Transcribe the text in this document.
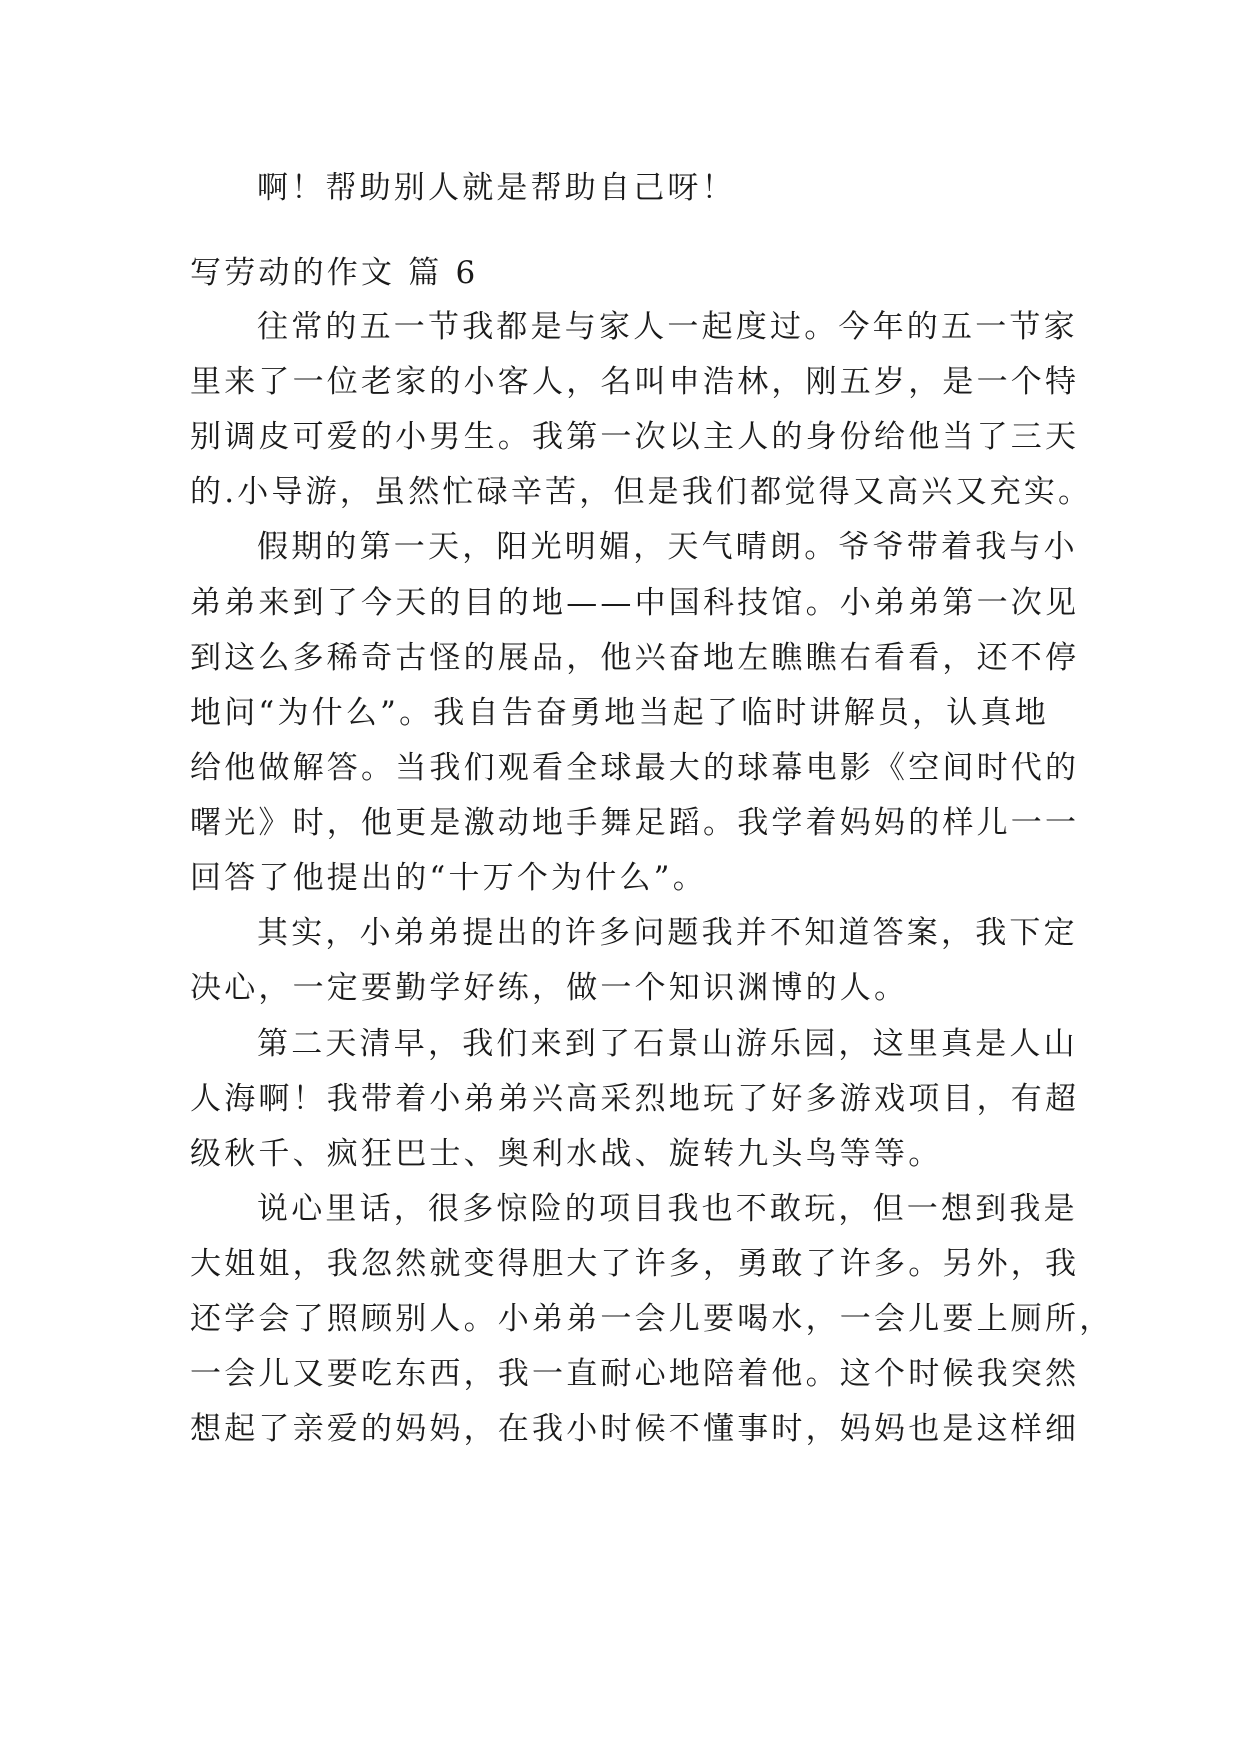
啊！帮助别人就是帮助自己呀！
写劳动的作文 篇 6
往常的五一节我都是与家人一起度过。今年的五一节家
里来了一位老家的小客人，名叫申浩林，刚五岁，是一个特
别调皮可爱的小男生。我第一次以主人的身份给他当了三天
的.小导游，虽然忙碌辛苦，但是我们都觉得又高兴又充实。
假期的第一天，阳光明媚，天气晴朗。爷爷带着我与小
弟弟来到了今天的目的地——中国科技馆。小弟弟第一次见
到这么多稀奇古怪的展品，他兴奋地左瞧瞧右看看，还不停
地问“为什么”。我自告奋勇地当起了临时讲解员，认真地
给他做解答。当我们观看全球最大的球幕电影《空间时代的
曙光》时，他更是激动地手舞足蹈。我学着妈妈的样儿一一
回答了他提出的“十万个为什么”。
其实，小弟弟提出的许多问题我并不知道答案，我下定
决心，一定要勤学好练，做一个知识渊博的人。
第二天清早，我们来到了石景山游乐园，这里真是人山
人海啊！我带着小弟弟兴高采烈地玩了好多游戏项目，有超
级秋千、疯狂巴士、奥利水战、旋转九头鸟等等。
说心里话，很多惊险的项目我也不敢玩，但一想到我是
大姐姐，我忽然就变得胆大了许多，勇敢了许多。另外，我
还学会了照顾别人。小弟弟一会儿要喝水，一会儿要上厕所，
一会儿又要吃东西，我一直耐心地陪着他。这个时候我突然
想起了亲爱的妈妈，在我小时候不懂事时，妈妈也是这样细
